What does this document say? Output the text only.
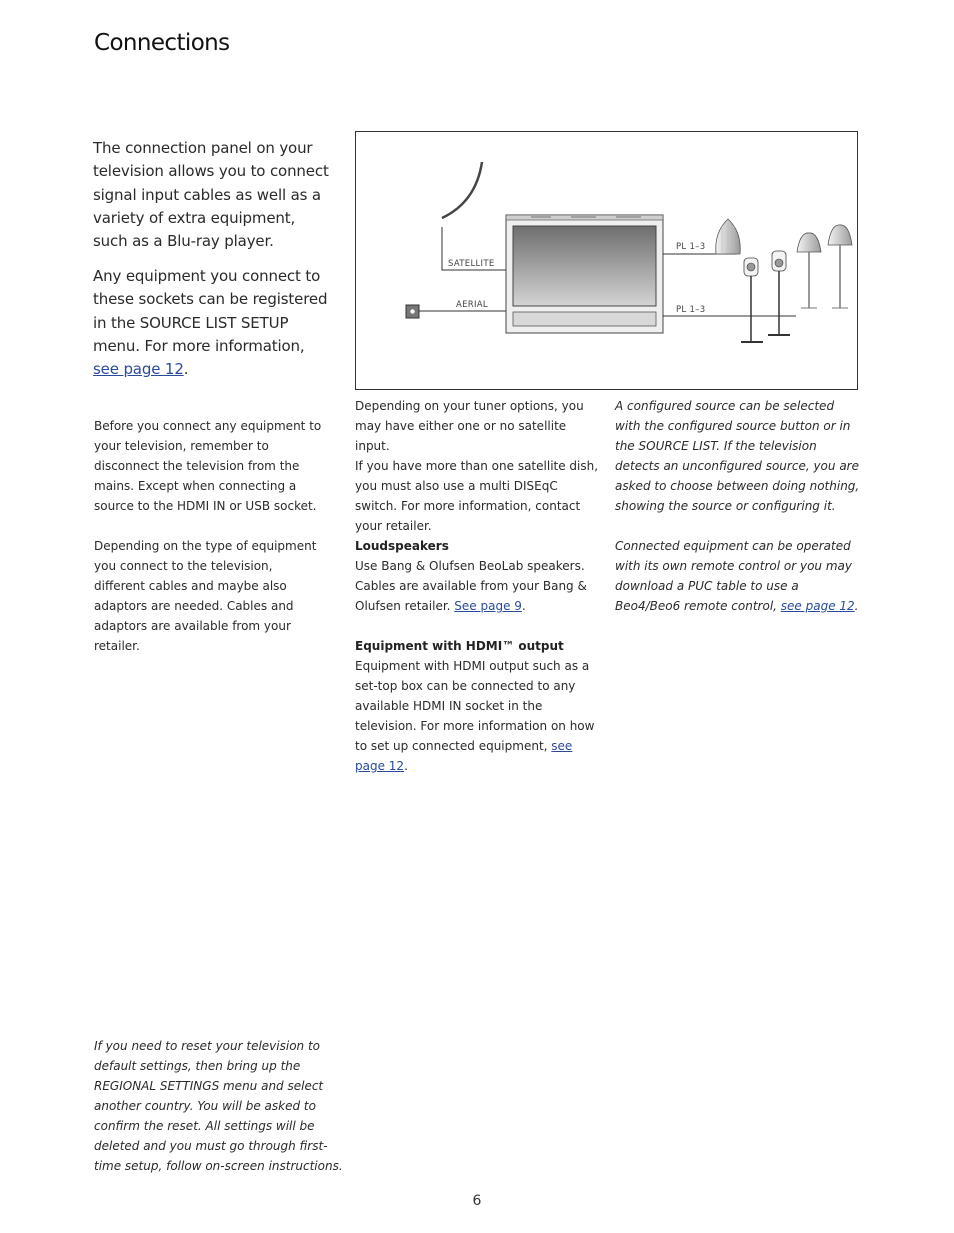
Connections

The connection panel on your television allows you to connect signal input cables as well as a variety of extra equipment, such as a Blu-ray player.

Any equipment you connect to these sockets can be registered in the SOURCE LIST SETUP menu. For more information, see page 12.

SATELLITE
AERIAL
PL 1–3
PL 1–3

Before you connect any equipment to your television, remember to disconnect the television from the mains. Except when connecting a source to the HDMI IN or USB socket.

Depending on the type of equipment you connect to the television, different cables and maybe also adaptors are needed. Cables and adaptors are available from your retailer.

If you need to reset your television to default settings, then bring up the REGIONAL SETTINGS menu and select another country. You will be asked to confirm the reset. All settings will be deleted and you must go through first-time setup, follow on-screen instructions.

Depending on your tuner options, you may have either one or no satellite input.

If you have more than one satellite dish, you must also use a multi DISEqC switch. For more information, contact your retailer.

Loudspeakers
Use Bang & Olufsen BeoLab speakers. Cables are available from your Bang & Olufsen retailer. See page 9.

Equipment with HDMI™ output
Equipment with HDMI output such as a set-top box can be connected to any available HDMI IN socket in the television. For more information on how to set up connected equipment, see page 12.

A configured source can be selected with the configured source button or in the SOURCE LIST. If the television detects an unconfigured source, you are asked to choose between doing nothing, showing the source or configuring it.

Connected equipment can be operated with its own remote control or you may download a PUC table to use a Beo4/Beo6 remote control, see page 12.

6
